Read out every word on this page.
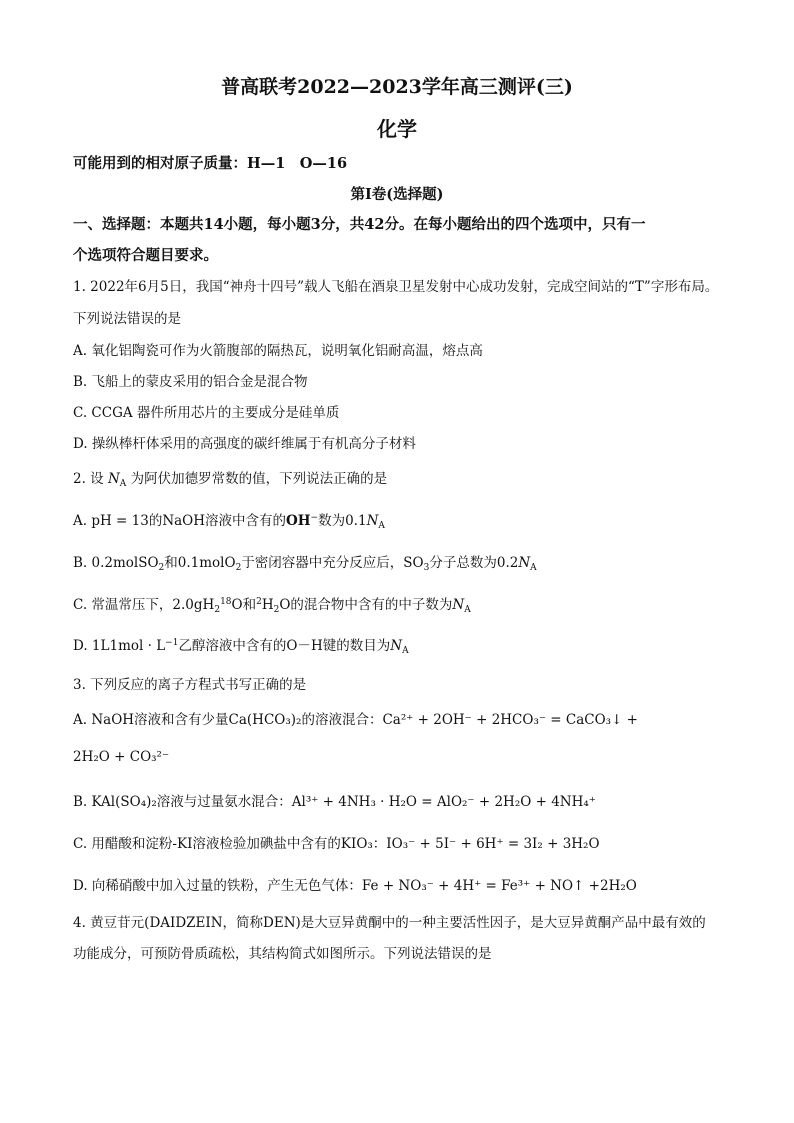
普高联考2022—2023学年高三测评(三)
化学
可能用到的相对原子质量：H—1　O—16
第I卷(选择题)
一、选择题：本题共14小题，每小题3分，共42分。在每小题给出的四个选项中，只有一
个选项符合题目要求。
1. 2022年6月5日，我国“神舟十四号”载人飞船在酒泉卫星发射中心成功发射，完成空间站的“T”字形布局。
下列说法错误的是
A. 氧化铝陶瓷可作为火箭腹部的隔热瓦，说明氧化铝耐高温，熔点高
B. 飞船上的蒙皮采用的铝合金是混合物
C. CCGA 器件所用芯片的主要成分是硅单质
D. 操纵棒杆体采用的高强度的碳纤维属于有机高分子材料
2. 设 $N_A$ 为阿伏加德罗常数的值，下列说法正确的是
A. pH = 13的NaOH溶液中含有的OH−数为$0.1N_A$
B. 0.2molSO$_2$和0.1molO$_2$于密闭容器中充分反应后，$SO_3$分子总数为$0.2N_A$
C. 常温常压下，$2.0gH_2^{18}O$和$^2H_2O$的混合物中含有的中子数为$N_A$
D. $1L1mol \cdot L^{-1}$乙醇溶液中含有的O－H键的数目为$N_A$
3. 下列反应的离子方程式书写正确的是
A. NaOH溶液和含有少量Ca(HCO₃)₂的溶液混合：Ca²⁺ + 2OH⁻ + 2HCO₃⁻ = CaCO₃↓ +
2H₂O + CO₃²⁻
B. KAl(SO₄)₂溶液与过量氨水混合：Al³⁺ + 4NH₃ · H₂O = AlO₂⁻ + 2H₂O + 4NH₄⁺
C. 用醋酸和淀粉-KI溶液检验加碘盐中含有的KIO₃：IO₃⁻ + 5I⁻ + 6H⁺ = 3I₂ + 3H₂O
D. 向稀硝酸中加入过量的铁粉，产生无色气体：Fe + NO₃⁻ + 4H⁺ = Fe³⁺ + NO↑ +2H₂O
4. 黄豆苷元(DAIDZEIN，简称DEN)是大豆异黄酮中的一种主要活性因子，是大豆异黄酮产品中最有效的
功能成分，可预防骨质疏松，其结构简式如图所示。下列说法错误的是
